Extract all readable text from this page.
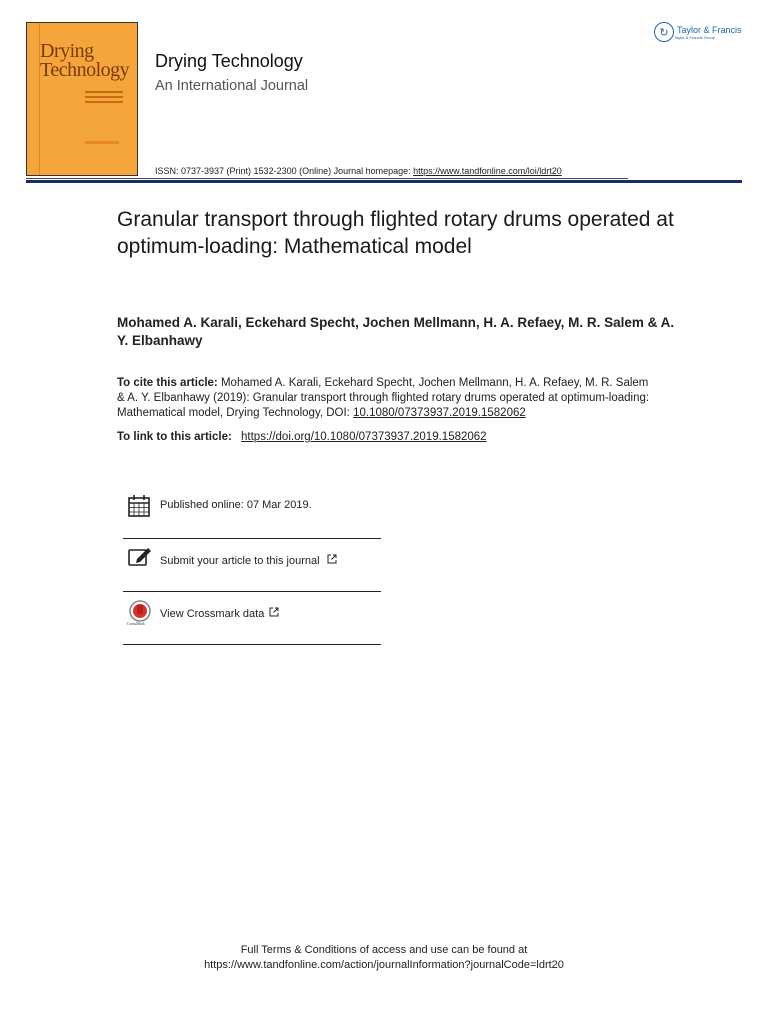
Drying
Technology Drying Technology
An International Journal
↻ Taylor & Francis
Taylor & Francis Group
ISSN: 0737-3937 (Print) 1532-2300 (Online) Journal homepage: https://www.tandfonline.com/loi/ldrt20
Granular transport through flighted rotary drums operated at optimum-loading: Mathematical model
Mohamed A. Karali, Eckehard Specht, Jochen Mellmann, H. A. Refaey, M. R. Salem & A. Y. Elbanhawy
To cite this article: Mohamed A. Karali, Eckehard Specht, Jochen Mellmann, H. A. Refaey, M. R. Salem & A. Y. Elbanhawy (2019): Granular transport through flighted rotary drums operated at optimum-loading: Mathematical model, Drying Technology, DOI: 10.1080/07373937.2019.1582062
To link to this article: https://doi.org/10.1080/07373937.2019.1582062
Published online: 07 Mar 2019.
Submit your article to this journal
CrossMark
View Crossmark data
Full Terms & Conditions of access and use can be found at
https://www.tandfonline.com/action/journalInformation?journalCode=ldrt20
